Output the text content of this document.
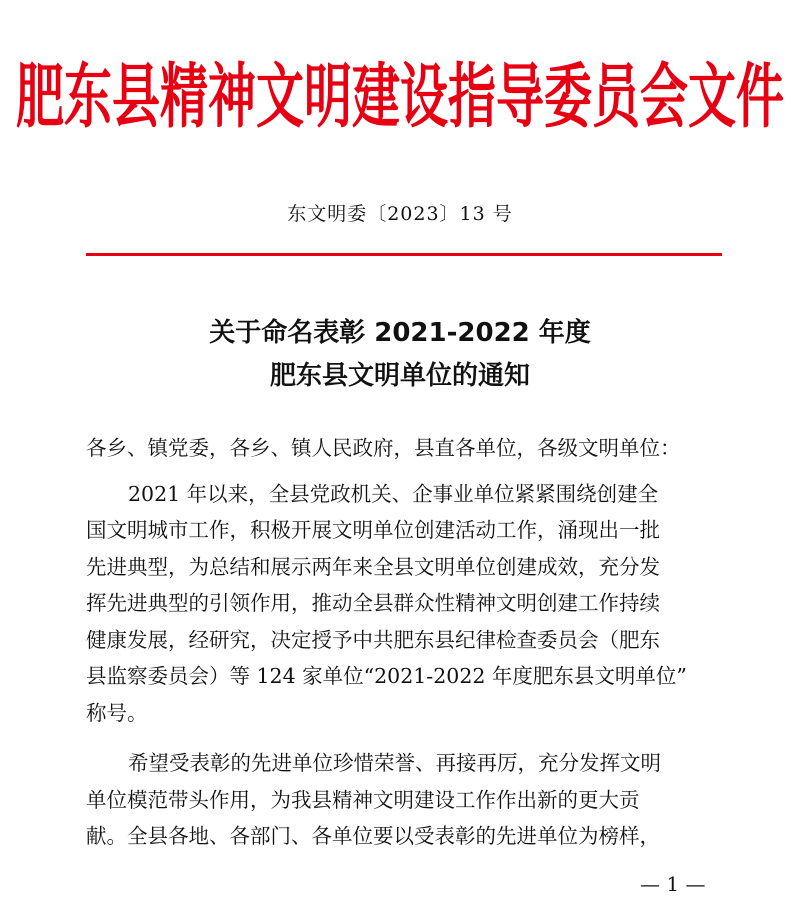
肥东县精神文明建设指导委员会文件
东文明委〔2023〕13 号
关于命名表彰 2021-2022 年度
肥东县文明单位的通知
各乡、镇党委，各乡、镇人民政府，县直各单位，各级文明单位：
2021 年以来，全县党政机关、企事业单位紧紧围绕创建全
国文明城市工作，积极开展文明单位创建活动工作，涌现出一批
先进典型，为总结和展示两年来全县文明单位创建成效，充分发
挥先进典型的引领作用，推动全县群众性精神文明创建工作持续
健康发展，经研究，决定授予中共肥东县纪律检查委员会（肥东
县监察委员会）等 124 家单位“2021-2022 年度肥东县文明单位”
称号。
希望受表彰的先进单位珍惜荣誉、再接再厉，充分发挥文明
单位模范带头作用，为我县精神文明建设工作作出新的更大贡
献。全县各地、各部门、各单位要以受表彰的先进单位为榜样，
— 1 —
